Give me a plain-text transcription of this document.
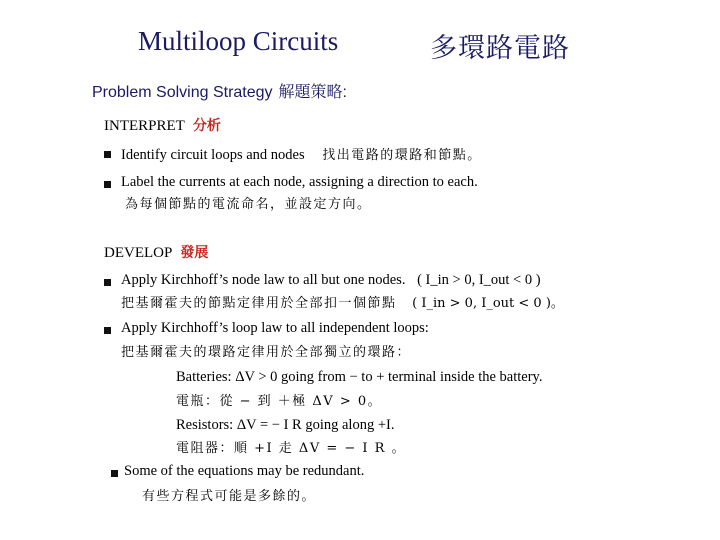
Multiloop Circuits	多環路電路
Problem Solving Strategy 解題策略:
INTERPRET 分析
Identify circuit loops and nodes 找出電路的環路和節點。
Label the currents at each node, assigning a direction to each.
為每個節點的電流命名，並設定方向。
DEVELOP 發展
Apply Kirchhoff’s node law to all but one nodes. ( I_in > 0, I_out < 0 )
把基爾霍夫的節點定律用於全部扣一個節點 ( I_in > 0, I_out < 0 )。
Apply Kirchhoff’s loop law to all independent loops:
把基爾霍夫的環路定律用於全部獨立的環路：
Batteries: ΔV > 0 going from − to + terminal inside the battery.
電瓶：從 − 到 ＋極 ΔV > 0。
Resistors: ΔV = − I R going along +I.
電阻器：順 +I 走 ΔV = − I R 。
Some of the equations may be redundant.
有些方程式可能是多餘的。
